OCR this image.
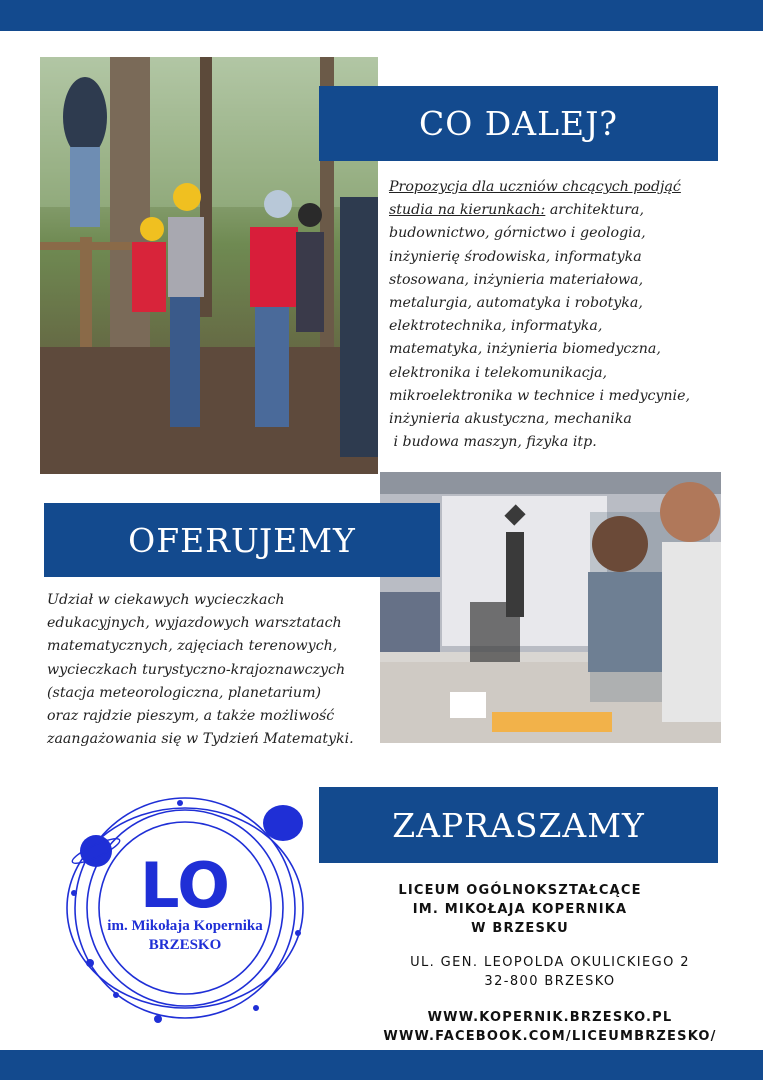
CO DALEJ?
Propozycja dla uczniów chcących podjąć studia na kierunkach: architektura,
budownictwo, górnictwo i geologia,
inżynierię środowiska, informatyka
stosowana, inżynieria materiałowa,
metalurgia, automatyka i robotyka,
elektrotechnika, informatyka,
matematyka, inżynieria biomedyczna,
elektronika i telekomunikacja,
mikroelektronika w technice i medycynie,
inżynieria akustyczna, mechanika
i budowa maszyn, fizyka itp.
OFERUJEMY
Udział w ciekawych wycieczkach
edukacyjnych, wyjazdowych warsztatach
matematycznych, zajęciach terenowych,
wycieczkach turystyczno-krajoznawczych
(stacja meteorologiczna, planetarium)
oraz rajdzie pieszym, a także możliwość
zaangażowania się w Tydzień Matematyki.
LO
im. Mikołaja Kopernika
BRZESKO
ZAPRASZAMY
LICEUM OGÓLNOKSZTAŁCĄCE
IM. MIKOŁAJA KOPERNIKA
W BRZESKU
UL. GEN. LEOPOLDA OKULICKIEGO 2
32-800 BRZESKO
WWW.KOPERNIK.BRZESKO.PL
WWW.FACEBOOK.COM/LICEUMBRZESKO/
